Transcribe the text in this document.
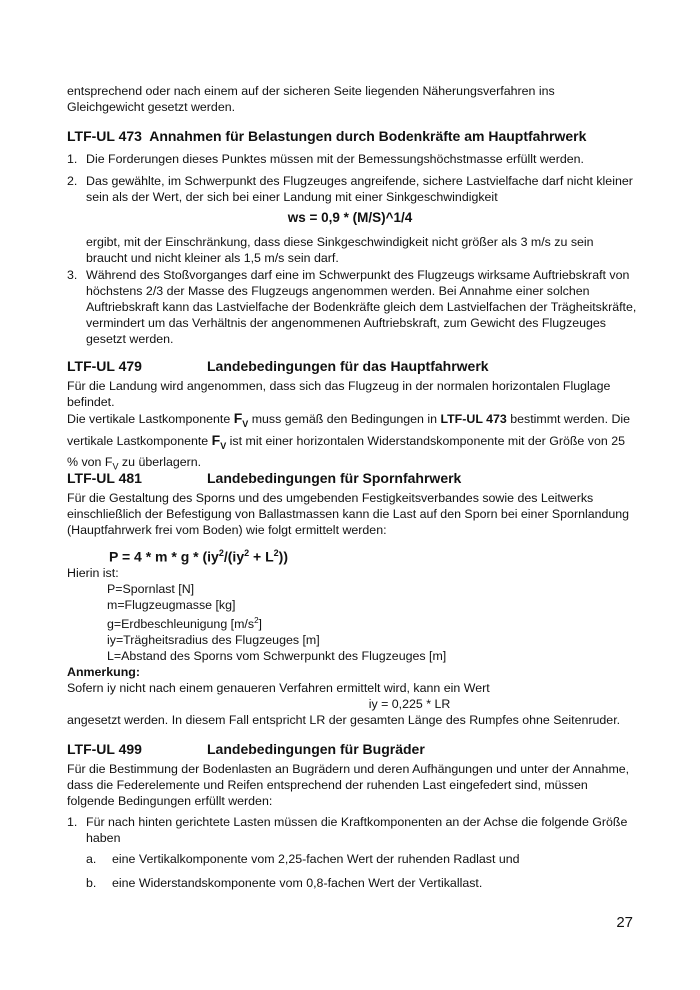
entsprechend oder nach einem auf der sicheren Seite liegenden Näherungsverfahren ins Gleichgewicht gesetzt werden.

LTF-UL 473 Annahmen für Belastungen durch Bodenkräfte am Hauptfahrwerk
1. Die Forderungen dieses Punktes müssen mit der Bemessungshöchstmasse erfüllt werden.
2. Das gewählte, im Schwerpunkt des Flugzeuges angreifende, sichere Lastvielfache darf nicht kleiner sein als der Wert, der sich bei einer Landung mit einer Sinkgeschwindigkeit
ws = 0,9 * (M/S)^1/4

ergibt, mit der Einschränkung, dass diese Sinkgeschwindigkeit nicht größer als 3 m/s zu sein braucht und nicht kleiner als 1,5 m/s sein darf.

3. Während des Stoßvorganges darf eine im Schwerpunkt des Flugzeugs wirksame Auftriebskraft von höchstens 2/3 der Masse des Flugzeugs angenommen werden. Bei Annahme einer solchen Auftriebskraft kann das Lastvielfache der Bodenkräfte gleich dem Lastvielfachen der Trägheitskräfte, vermindert um das Verhältnis der angenommenen Auftriebskraft, zum Gewicht des Flugzeuges gesetzt werden.
LTF-UL 479	Landebedingungen für das Hauptfahrwerk

Für die Landung wird angenommen, dass sich das Flugzeug in der normalen horizontalen Fluglage befindet.

Die vertikale Lastkomponente $F_V$ muss gemäß den Bedingungen in LTF-UL 473 bestimmt werden. Die vertikale Lastkomponente $F_V$ ist mit einer horizontalen Widerstandskomponente mit der Größe von 25 % von $F_V$ zu überlagern.

LTF-UL 481	Landebedingungen für Spornfahrwerk

Für die Gestaltung des Sporns und des umgebenden Festigkeitsverbandes sowie des Leitwerks einschließlich der Befestigung von Ballastmassen kann die Last auf den Sporn bei einer Spornlandung (Hauptfahrwerk frei vom Boden) wie folgt ermittelt werden:

$P = 4 * m * g * (iy^2/(iy^2 + L^2))$

Hierin ist:

P=Spornlast [N]
m=Flugzeugmasse [kg]
g=Erdbeschleunigung $[m/s^2]$
iy=Trägheitsradius des Flugzeuges [m]
L=Abstand des Sporns vom Schwerpunkt des Flugzeuges [m]

Anmerkung:

Sofern iy nicht nach einem genaueren Verfahren ermittelt wird, kann ein Wert

iy = 0,225 * LR

angesetzt werden. In diesem Fall entspricht LR der gesamten Länge des Rumpfes ohne Seitenruder.

LTF-UL 499	Landebedingungen für Bugräder

Für die Bestimmung der Bodenlasten an Bugrädern und deren Aufhängungen und unter der Annahme, dass die Federelemente und Reifen entsprechend der ruhenden Last eingefedert sind, müssen folgende Bedingungen erfüllt werden:

1. Für nach hinten gerichtete Lasten müssen die Kraftkomponenten an der Achse die folgende Größe haben
a. eine Vertikalkomponente vom 2,25-fachen Wert der ruhenden Radlast und
b. eine Widerstandskomponente vom 0,8-fachen Wert der Vertikallast.
27
